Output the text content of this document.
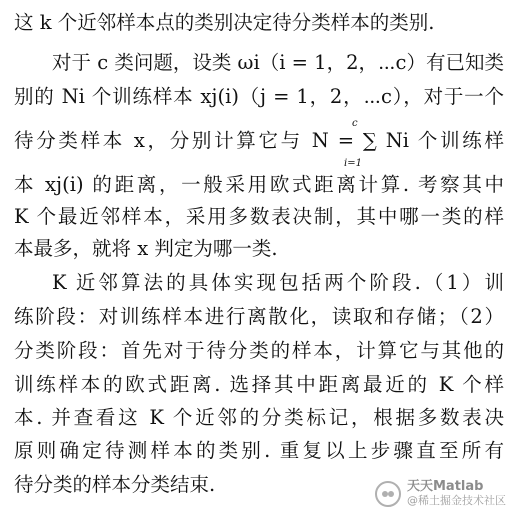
这 k 个近邻样本点的类别决定待分类样本的类别.
对于 c 类问题，设类 ωi（i = 1，2，⋯c）有已知类
别的 Ni 个训练样本 xj(i)（j = 1，2，⋯c），对于一个
待分类样本 x，分别计算它与 N = ∑ Ni 个训练样
c
i=1
本 xj(i) 的距离，一般采用欧式距离计算. 考察其中
K 个最近邻样本，采用多数表决制，其中哪一类的样
本最多，就将 x 判定为哪一类.
K 近邻算法的具体实现包括两个阶段.（1）训
练阶段：对训练样本进行离散化，读取和存储；（2）
分类阶段：首先对于待分类的样本，计算它与其他的
训练样本的欧式距离. 选择其中距离最近的 K 个样
本. 并查看这 K 个近邻的分类标记，根据多数表决
原则确定待测样本的类别. 重复以上步骤直至所有
待分类的样本分类结束.	天天Matlab
@稀土掘金技术社区
